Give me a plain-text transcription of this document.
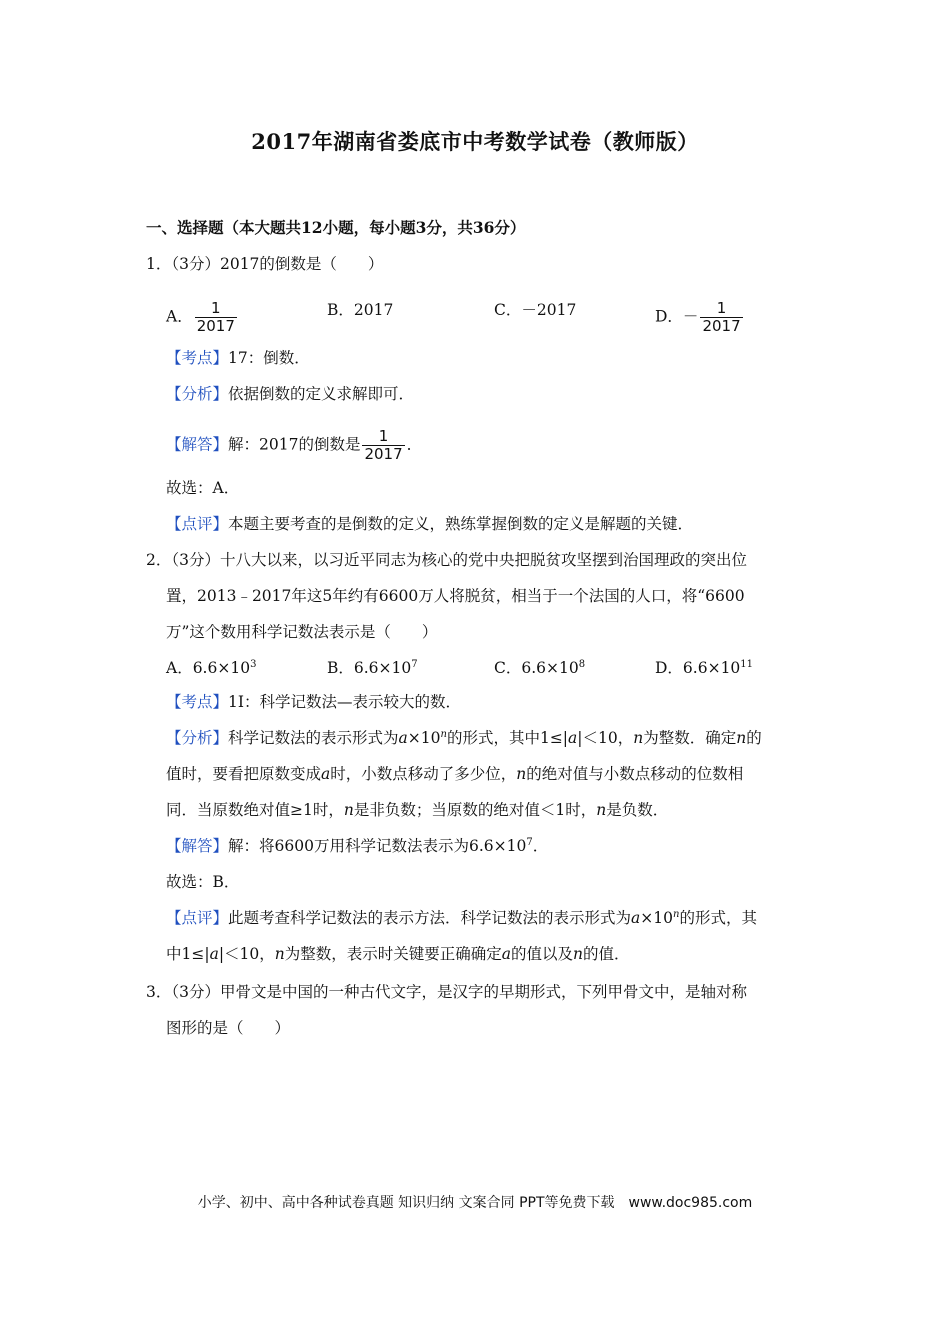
2017年湖南省娄底市中考数学试卷（教师版）
一、选择题（本大题共12小题，每小题3分，共36分）
1．（3分）2017的倒数是（　　）
A． $\frac{1}{2017}$	B．2017	C．－2017	D．－ $\frac{1}{2017}$
【考点】17：倒数．
【分析】依据倒数的定义求解即可．
【解答】解：2017的倒数是 $\frac{1}{2017}$ ．
故选：A．
【点评】本题主要考查的是倒数的定义，熟练掌握倒数的定义是解题的关键．
2．（3分）十八大以来，以习近平同志为核心的党中央把脱贫攻坚摆到治国理政的突出位
置，2013﹣2017年这5年约有6600万人将脱贫，相当于一个法国的人口，将“6600
万”这个数用科学记数法表示是（　　）
A．$6.6\times 10^3$	B．$6.6\times 10^7$	C．$6.6\times 10^8$	D．$6.6\times 10^{11}$
【考点】1I：科学记数法—表示较大的数．
【分析】科学记数法的表示形式为$a\times 10^n$的形式，其中1≤|a|＜10，n为整数．确定n的
值时，要看把原数变成a时，小数点移动了多少位，n的绝对值与小数点移动的位数相
同．当原数绝对值≥1时，n是非负数；当原数的绝对值＜1时，n是负数．
【解答】解：将6600万用科学记数法表示为$6.6\times 10^7$．
故选：B．
【点评】此题考查科学记数法的表示方法．科学记数法的表示形式为$a\times 10^n$的形式，其
中1≤|a|＜10，n为整数，表示时关键要正确确定a的值以及n的值．
3．（3分）甲骨文是中国的一种古代文字，是汉字的早期形式，下列甲骨文中，是轴对称
图形的是（　　）
小学、初中、高中各种试卷真题 知识归纳 文案合同 PPT等免费下载　www.doc985.com
